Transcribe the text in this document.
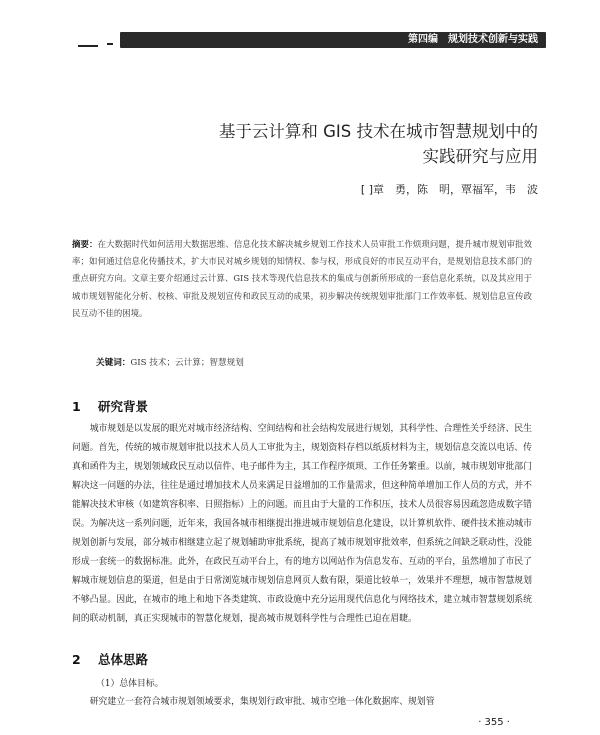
第四编 规划技术创新与实践
基于云计算和 GIS 技术在城市智慧规划中的
实践研究与应用
[ ]章　勇，陈　明，覃福军，韦　波
摘要：在大数据时代如何活用大数据思维、信息化技术解决城乡规划工作技术人员审批工作烦琐问题，提升城市规划审批效率；如何通过信息化传播技术，扩大市民对城乡规划的知情权、参与权，形成良好的市民互动平台，是规划信息技术部门的重点研究方向。文章主要介绍通过云计算、GIS 技术等现代信息技术的集成与创新所形成的一套信息化系统，以及其应用于城市规划智能化分析、校核、审批及规划宣传和政民互动的成果，初步解决传统规划审批部门工作效率低、规划信息宣传政民互动不佳的困境。
关键词：GIS 技术；云计算；智慧规划
1 研究背景
城市规划是以发展的眼光对城市经济结构、空间结构和社会结构发展进行规划，其科学性、合理性关乎经济、民生问题。首先，传统的城市规划审批以技术人员人工审批为主，规划资料存档以纸质材料为主，规划信息交流以电话、传真和函件为主，规划领域政民互动以信件、电子邮件为主，其工作程序烦琐、工作任务繁重。以前，城市规划审批部门解决这一问题的办法，往往是通过增加技术人员来满足日益增加的工作量需求，但这种简单增加工作人员的方式，并不能解决技术审核（如建筑容积率、日照指标）上的问题。而且由于大量的工作积压，技术人员很容易因疏忽造成数字错误。为解决这一系列问题，近年来，我国各城市相继提出推进城市规划信息化建设，以计算机软件、硬件技术推动城市规划创新与发展，部分城市相继建立起了规划辅助审批系统，提高了城市规划审批效率，但系统之间缺乏联动性，没能形成一套统一的数据标准。此外，在政民互动平台上，有的地方以网站作为信息发布、互动的平台，虽然增加了市民了解城市规划信息的渠道，但是由于日常浏览城市规划信息网页人数有限，渠道比较单一，效果并不理想，城市智慧规划不够凸显。因此，在城市的地上和地下各类建筑、市政设施中充分运用现代信息化与网络技术，建立城市智慧规划系统间的联动机制，真正实现城市的智慧化规划，提高城市规划科学性与合理性已迫在眉睫。
2 总体思路
（1）总体目标。
研究建立一套符合城市规划领域要求，集规划行政审批、城市空地一体化数据库、规划管
· 355 ·
